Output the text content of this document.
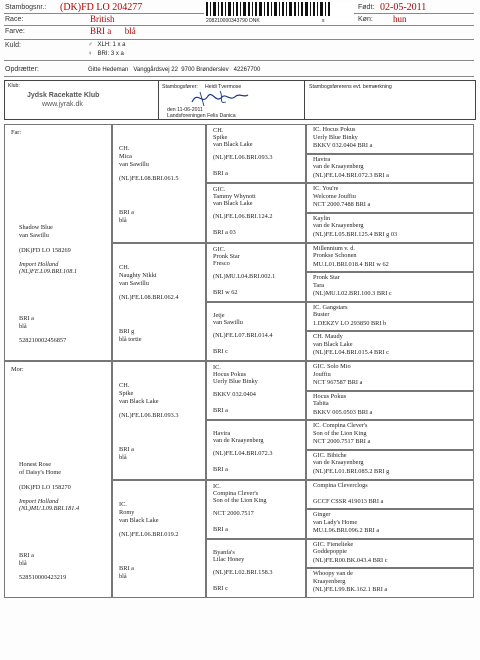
Stambogsnr.: (DK)FD LO 204277
Race:	British
Farve:	BRI a      blå
Kuld:	♂   XLH: 1 x a
♀   BRI: 3 x a
Opdrætter:	Gitte Hedeman   Vanggårdsvej 22  9700 Brønderslev   42267700
208210000343790 DNK	s
Født: 02-05-2011
Køn: hun
Klub:
Jydsk Racekatte Klub
www.jyrak.dk
Stambogsfører: Heidi Tvermose
den 11-06-2011
Landsforeningen Felis Danica
Stambogsførerens evt. bemærkning
Far:
Shadow Blue
van Sawillu
(DK)FD LO 158269
Import Holland
(NL)FE.L09.BRI.108.1
BRI a
blå
528210002456857
Mor:
Honest Rose
of Daisy's Home
(DK)FD LO 158270
Import Holland
(NL)MU.L09.BRI.181.4
BRI a
blå
528510000423219
CH.
Mica
van Sawillu
(NL)FE.L08.BRI.061.5
BRI a
blå
CH.
Naughty Nikki
van Sawillu
(NL)FE.L08.BRI.062.4
BRI g
blå tortie
CH.
Spike
van Black Lake
(NL)FE.L06.BRI.093.3
BRI a
blå
IC.
Romy
van Black Lake
(NL)FE.L06.BRI.019.2
BRI a
blå
CH.
Spike
van Black Lake
(NL)FE.L06.BRI.093.3
BRI a
GIC.
Tammy Whynott
van Black Lake
(NL)FE.L06.BRI.124.2
BRI a 03
GIC.
Pronk Star
Fresco
(NL)MU.L04.BRI.002.1
BRI w 62
Jetje
van Sawillu
(NL)FE.L07.BRI.014.4
BRI c
IC.
Hocus Pokus
Uerly Blue Binky
BKKV 032.0404
BRI a
Havira
van de Kraayenberg
(NL)FE.L04.BRI.072.3
BRI a
IC.
Compina Clever's
Son of the Lion King
NCT 2000.7517
BRI a
Byanfa's
Lilac Honey
(NL)FE.L02.BRI.158.3
BRI c
IC. Hocus Pokus
Uerly Blue Binky
BKKV 032.0404 BRI a
Havira
van de Kraayenberg
(NL)FE.L04.BRI.072.3 BRI a
IC. You're
Welcome Jouffiu
NCT 2000.7488 BRI a
Kaylin
van de Kraayenberg
(NL)FE.L05.BRI.125.4 BRI g 03
Millennium v. d.
Pronkse Schonen
MU.L01.BRI.018.4 BRI w 62
Pronk Star
Tara
(NL)MU.L02.BRI.100.3 BRI c
IC. Gangstars
Buster
1.DEKZV LO 293850 BRI b
CH. Maudy
van Black Lake
(NL)FE.L04.BRI.015.4 BRI c
GIC. Solo Mio
Jouffiu
NCT 967587 BRI a
Hocus Pokus
Tabita
BKKV 005.0503 BRI a
IC. Compina Clever's
Son of the Lion King
NCT 2000.7517 BRI a
GIC. Bibiche
van de Kraayenberg
(NL)FE.L01.BRI.085.2 BRI g
Compina Cleverclogs
GCCF CSSR 419013 BRI a
Ginger
van Lady's Home
MU.L96.BRI.096.2 BRI a
GIC. Fienelieke
Goddepoppie
(NL)FE.R00.BK.043.4 BRI c
Whoopy van de
Kraayenberg
(NL)FE.L99.BK.162.1 BRI a
